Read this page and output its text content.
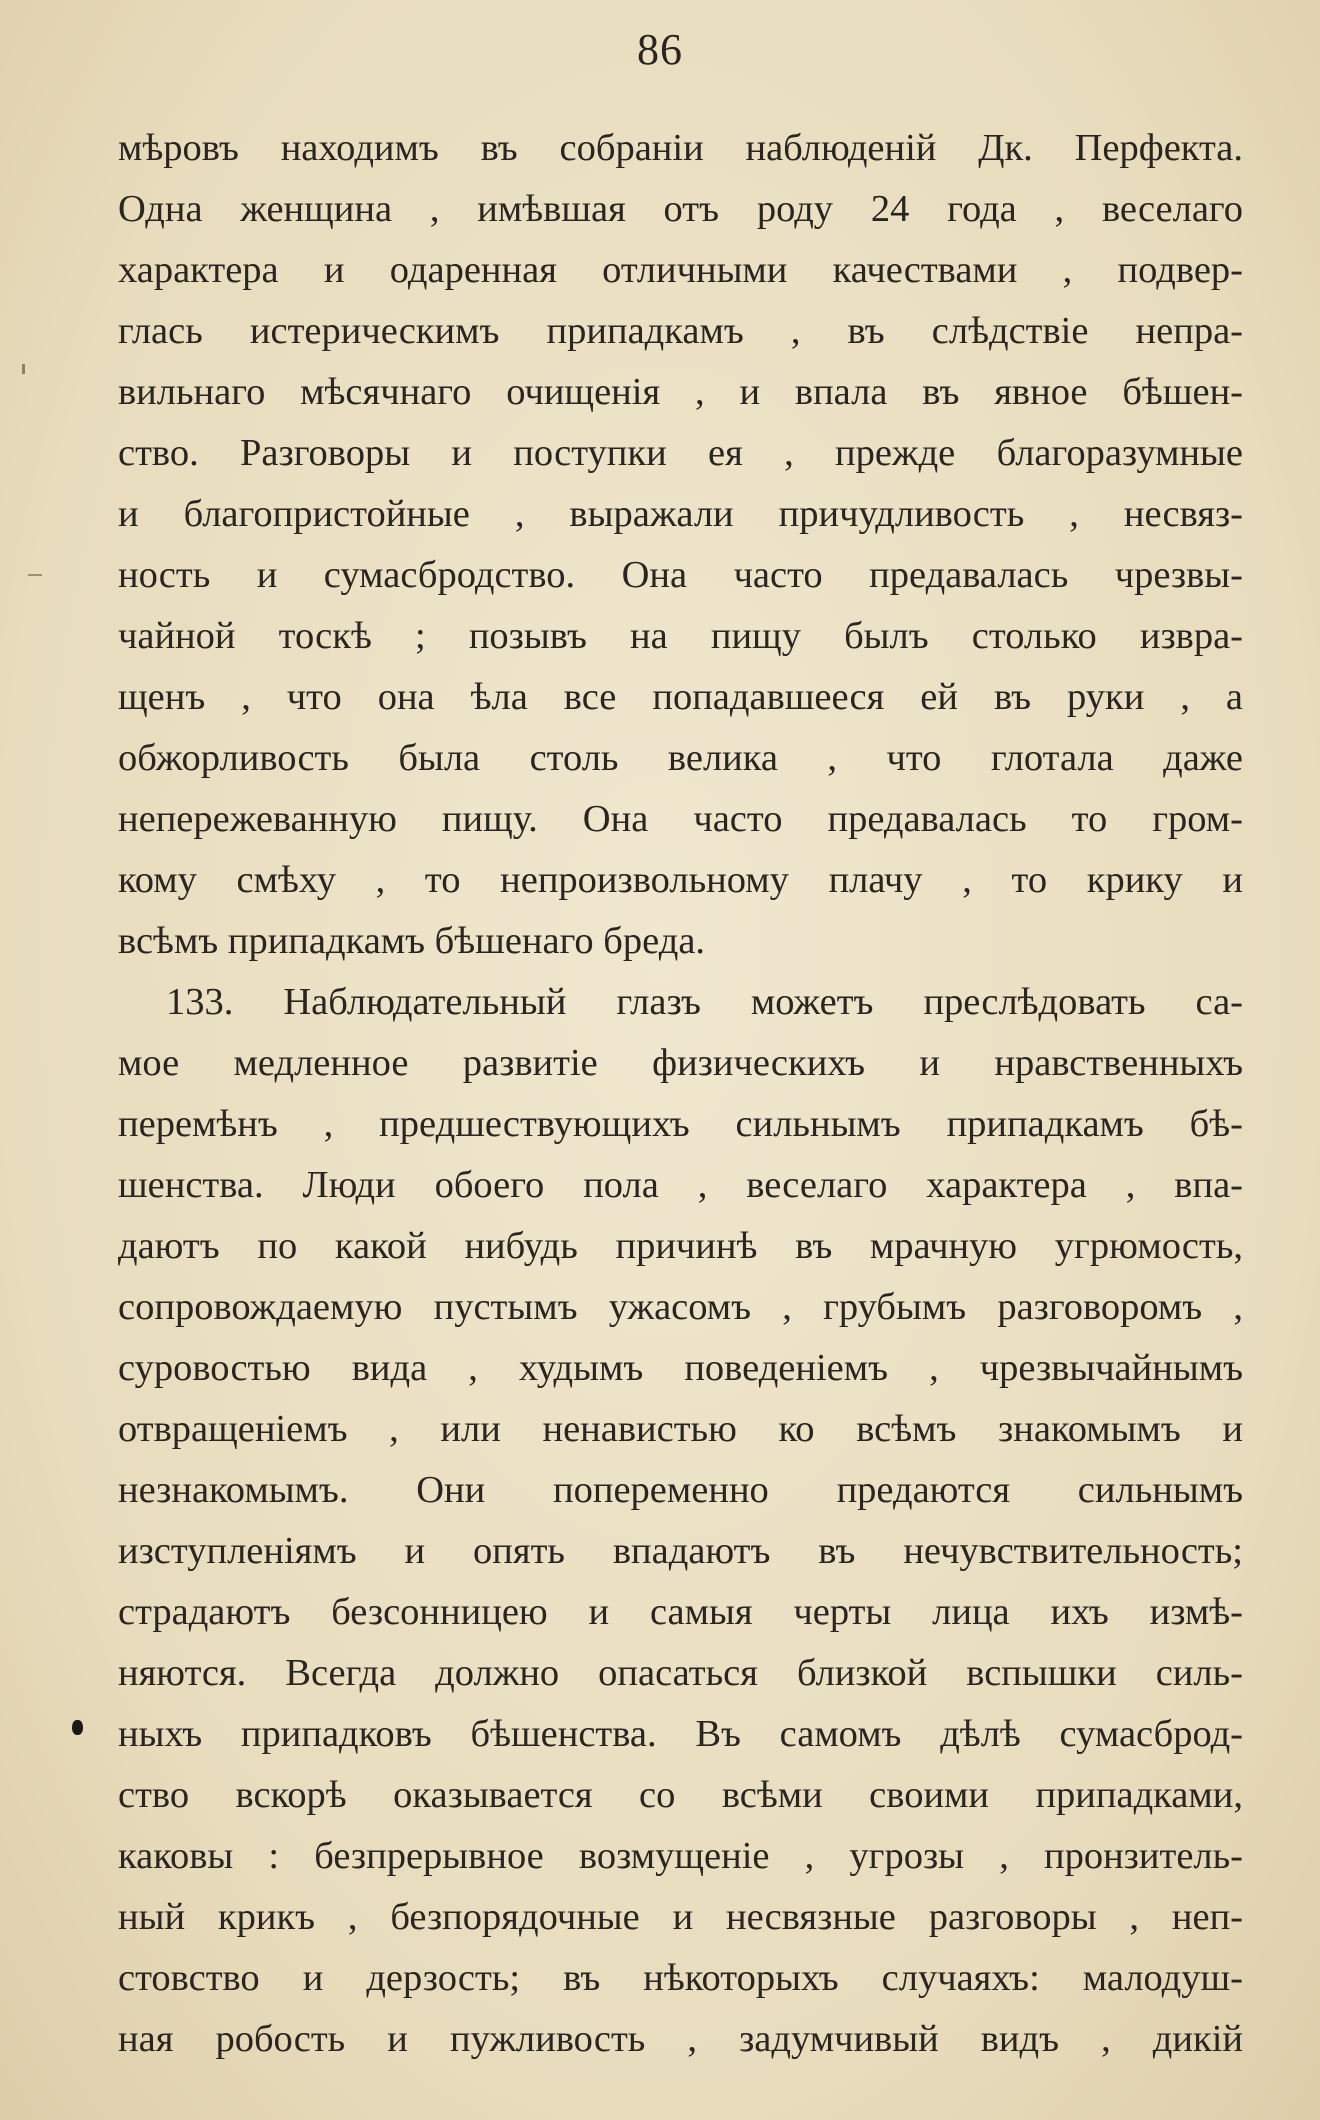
86
мѣровъ находимъ въ собраніи наблюденій Дк. Перфекта.
Одна женщина , имѣвшая отъ роду 24 года , веселаго
характера и одаренная отличными качествами , подвер-
глась истерическимъ припадкамъ , въ слѣдствіе непра-
вильнаго мѣсячнаго очищенія , и впала въ явное бѣшен-
ство. Разговоры и поступки ея , прежде благоразумные
и благопристойные , выражали причудливость , несвяз-
ность и сумасбродство. Она часто предавалась чрезвы-
чайной тоскѣ ; позывъ на пищу былъ столько извра-
щенъ , что она ѣла все попадавшееся ей въ руки , а
обжорливость была столь велика , что глотала даже
непережеванную пищу. Она часто предавалась то гром-
кому смѣху , то непроизвольному плачу , то крику и
всѣмъ припадкамъ бѣшенаго бреда.
133. Наблюдательный глазъ можетъ преслѣдовать са-
мое медленное развитіе физическихъ и нравственныхъ
перемѣнъ , предшествующихъ сильнымъ припадкамъ бѣ-
шенства. Люди обоего пола , веселаго характера , впа-
даютъ по какой нибудь причинѣ въ мрачную угрюмость,
сопровождаемую пустымъ ужасомъ , грубымъ разговоромъ ,
суровостью вида , худымъ поведеніемъ , чрезвычайнымъ
отвращеніемъ , или ненавистью ко всѣмъ знакомымъ и
незнакомымъ. Они попеременно предаются сильнымъ
изступленіямъ и опять впадаютъ въ нечувствительность;
страдаютъ безсонницею и самыя черты лица ихъ измѣ-
няются. Всегда должно опасаться близкой вспышки силь-
ныхъ припадковъ бѣшенства. Въ самомъ дѣлѣ сумасброд-
ство вскорѣ оказывается со всѣми своими припадками,
каковы : безпрерывное возмущеніе , угрозы , пронзитель-
ный крикъ , безпорядочные и несвязные разговоры , неп-
стовство и дерзость; въ нѣкоторыхъ случаяхъ: малодуш-
ная робость и пужливость , задумчивый видъ , дикій
